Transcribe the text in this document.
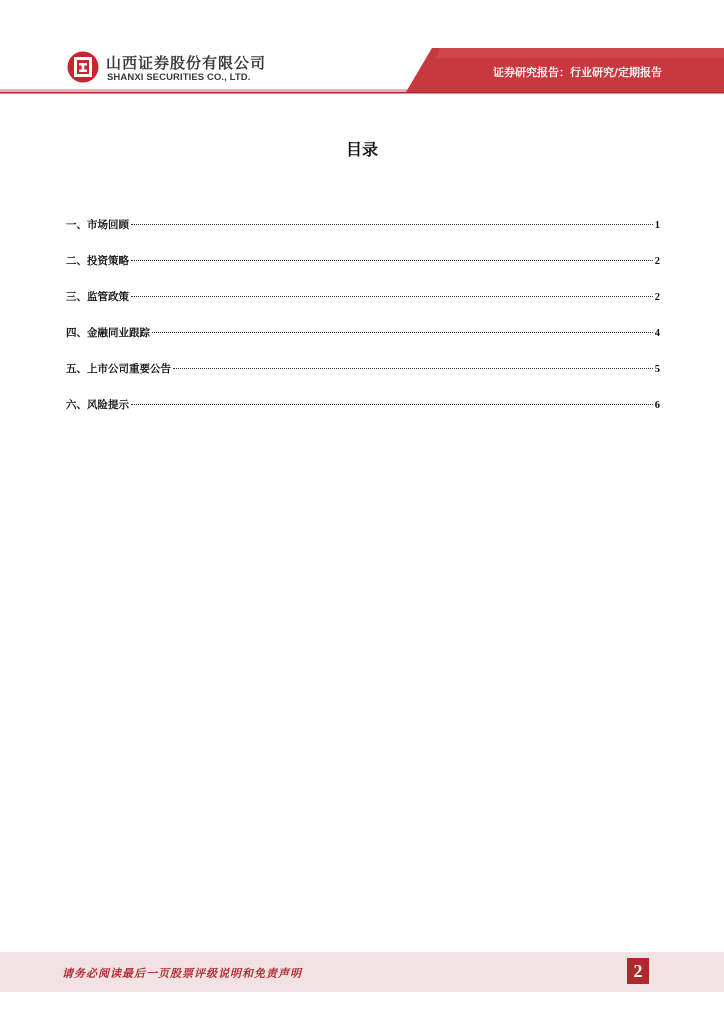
山西证券股份有限公司
SHANXI SECURITIES CO., LTD.	证券研究报告：行业研究/定期报告
目录
一、市场回顾	1
二、投资策略	2
三、监管政策	2
四、金融同业跟踪	4
五、上市公司重要公告	5
六、风险提示	6
请务必阅读最后一页股票评级说明和免责声明	2
